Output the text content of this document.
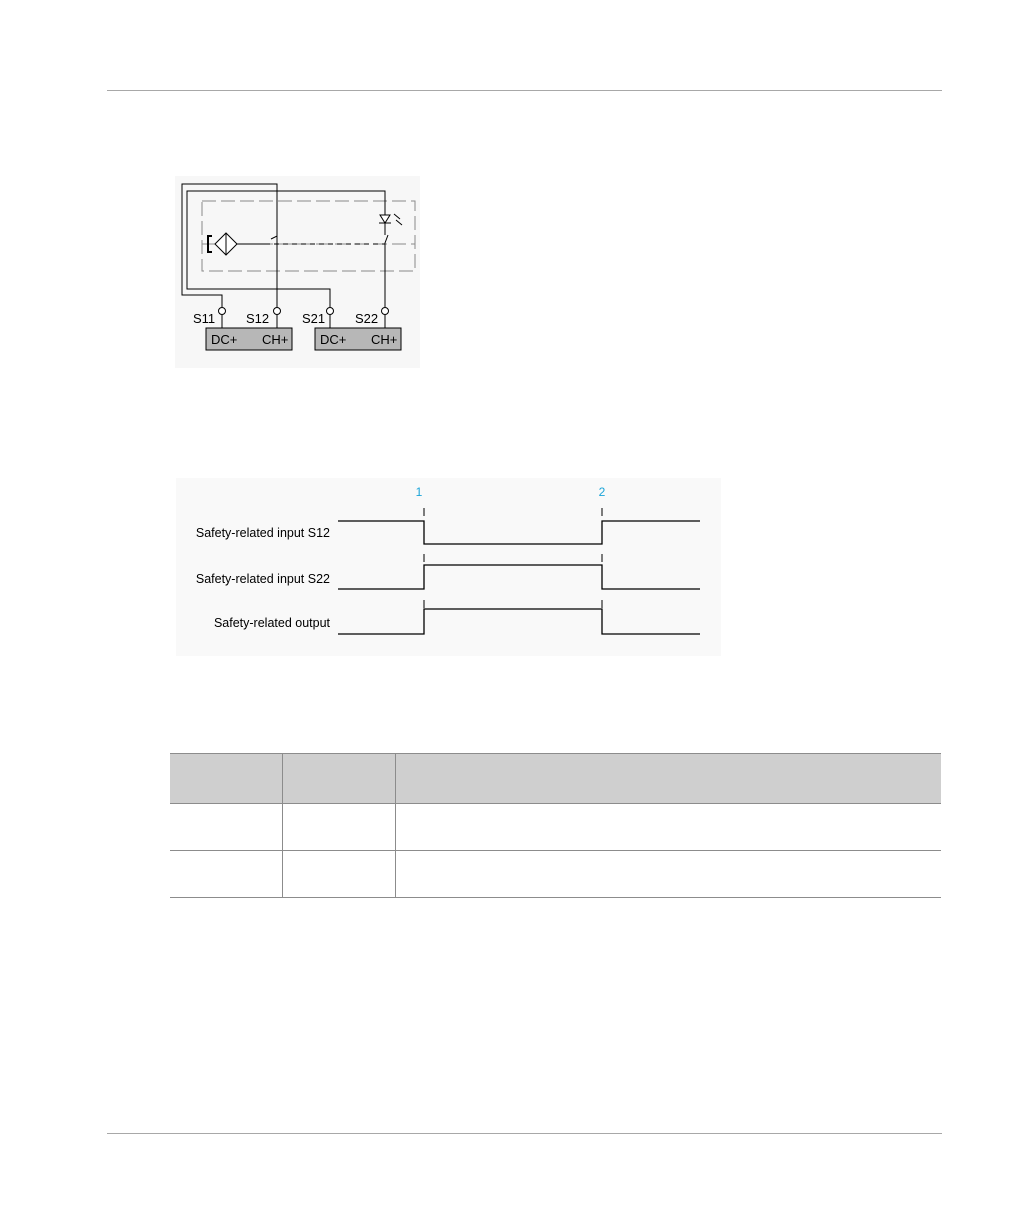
S11 S12	S21 S22
DC+ CH+ DC+ CH+
1	2
Safety-related input S12
Safety-related input S22
Safety-related output
